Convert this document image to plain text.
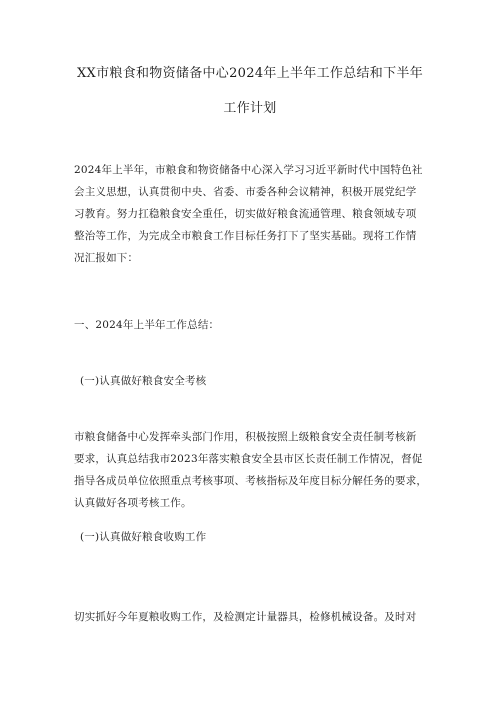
XX市粮食和物资储备中心2024年上半年工作总结和下半年
工作计划
2024年上半年，市粮食和物资储备中心深入学习习近平新时代中国特色社
会主义思想，认真贯彻中央、省委、市委各种会议精神，积极开展党纪学
习教育。努力扛稳粮食安全重任，切实做好粮食流通管理、粮食领域专项
整治等工作，为完成全市粮食工作目标任务打下了坚实基础。现将工作情
况汇报如下：
一、2024年上半年工作总结：
(一)认真做好粮食安全考核
市粮食储备中心发挥牵头部门作用，积极按照上级粮食安全责任制考核新
要求，认真总结我市2023年落实粮食安全县市区长责任制工作情况，督促
指导各成员单位依照重点考核事项、考核指标及年度目标分解任务的要求，
认真做好各项考核工作。
(一)认真做好粮食收购工作
切实抓好今年夏粮收购工作，及检测定计量器具，检修机械设备。及时对
